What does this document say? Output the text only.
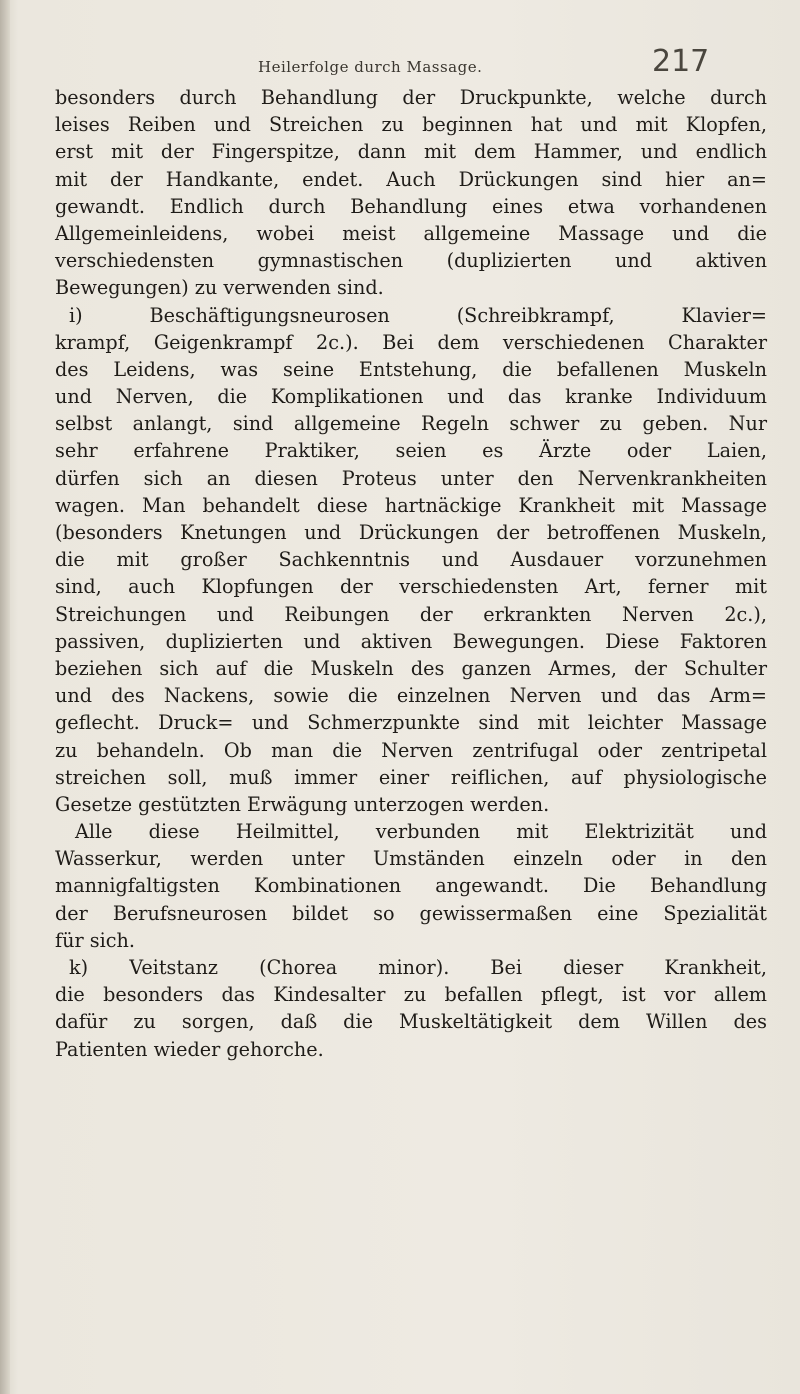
Heilerfolge durch Massage.	217
besonders durch Behandlung der Druckpunkte, welche durch
leises Reiben und Streichen zu beginnen hat und mit Klopfen,
erst mit der Fingerspitze, dann mit dem Hammer, und endlich
mit der Handkante, endet. Auch Drückungen sind hier an=
gewandt. Endlich durch Behandlung eines etwa vorhandenen
Allgemeinleidens, wobei meist allgemeine Massage und die
verschiedensten gymnastischen (duplizierten und aktiven
Bewegungen) zu verwenden sind.
i) Beschäftigungsneurosen (Schreibkrampf, Klavier=
krampf, Geigenkrampf 2c.). Bei dem verschiedenen Charakter
des Leidens, was seine Entstehung, die befallenen Muskeln
und Nerven, die Komplikationen und das kranke Individuum
selbst anlangt, sind allgemeine Regeln schwer zu geben. Nur
sehr erfahrene Praktiker, seien es Ärzte oder Laien,
dürfen sich an diesen Proteus unter den Nervenkrankheiten
wagen. Man behandelt diese hartnäckige Krankheit mit Massage
(besonders Knetungen und Drückungen der betroffenen Muskeln,
die mit großer Sachkenntnis und Ausdauer vorzunehmen
sind, auch Klopfungen der verschiedensten Art, ferner mit
Streichungen und Reibungen der erkrankten Nerven 2c.),
passiven, duplizierten und aktiven Bewegungen. Diese Faktoren
beziehen sich auf die Muskeln des ganzen Armes, der Schulter
und des Nackens, sowie die einzelnen Nerven und das Arm=
geflecht. Druck= und Schmerzpunkte sind mit leichter Massage
zu behandeln. Ob man die Nerven zentrifugal oder zentripetal
streichen soll, muß immer einer reiflichen, auf physiologische
Gesetze gestützten Erwägung unterzogen werden.
Alle diese Heilmittel, verbunden mit Elektrizität und
Wasserkur, werden unter Umständen einzeln oder in den
mannigfaltigsten Kombinationen angewandt. Die Behandlung
der Berufsneurosen bildet so gewissermaßen eine Spezialität
für sich.
k) Veitstanz (Chorea minor). Bei dieser Krankheit,
die besonders das Kindesalter zu befallen pflegt, ist vor allem
dafür zu sorgen, daß die Muskeltätigkeit dem Willen des
Patienten wieder gehorche.
